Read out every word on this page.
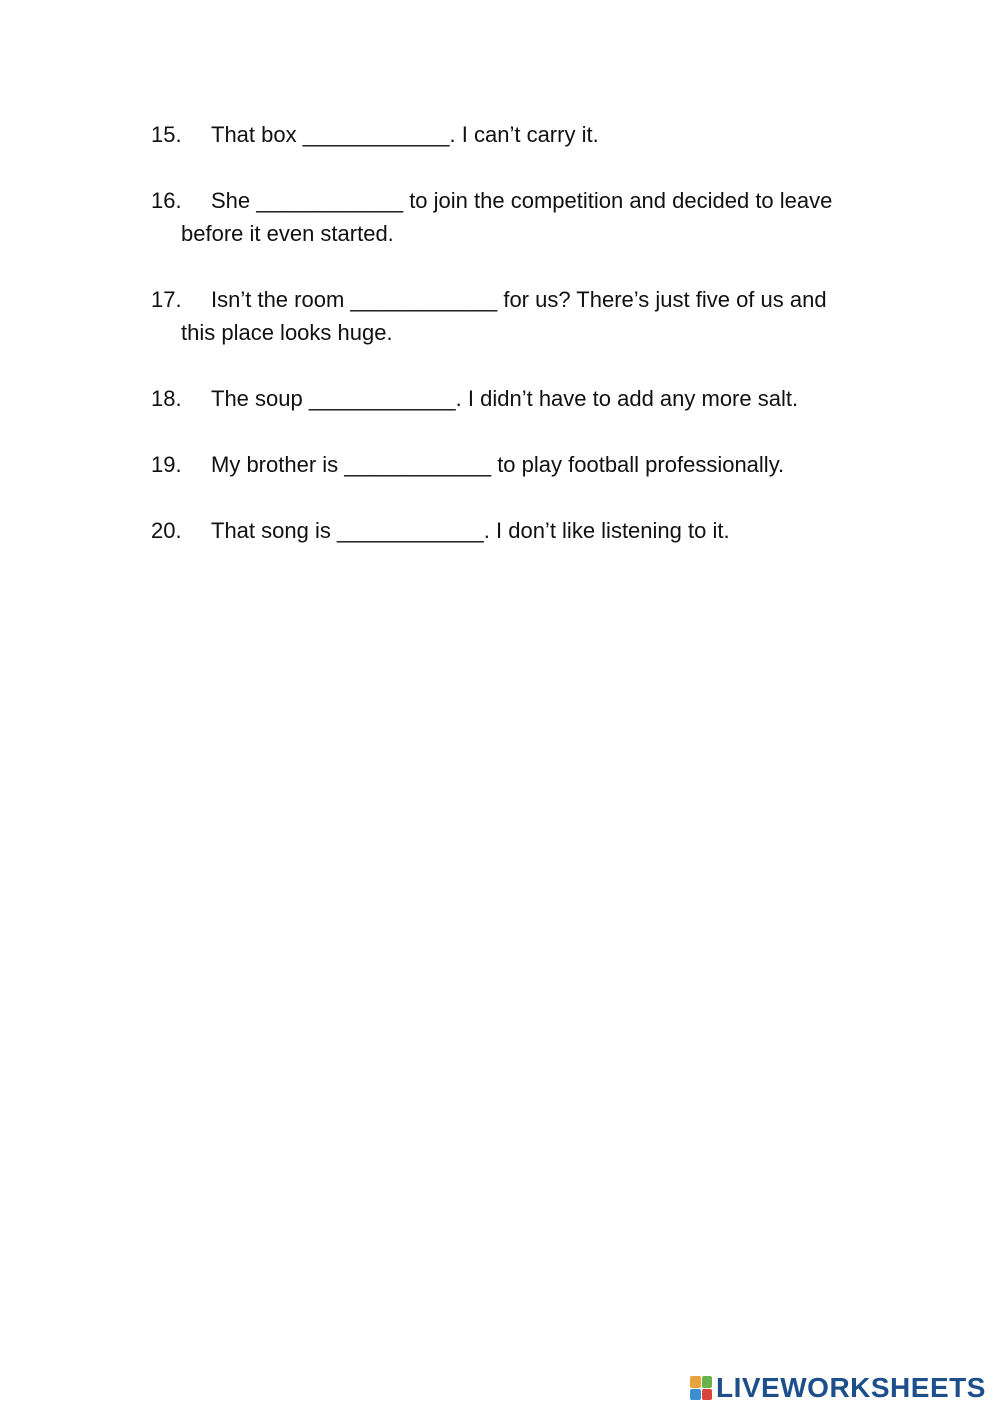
15.	That box ____________. I can’t carry it.
16.	She ____________ to join the competition and decided to leave
before it even started.
17.	Isn’t the room ____________ for us? There’s just five of us and
this place looks huge.
18.	The soup ____________. I didn’t have to add any more salt.
19.	My brother is ____________ to play football professionally.
20.	That song is ____________. I don’t like listening to it.
LIVEWORKSHEETS
